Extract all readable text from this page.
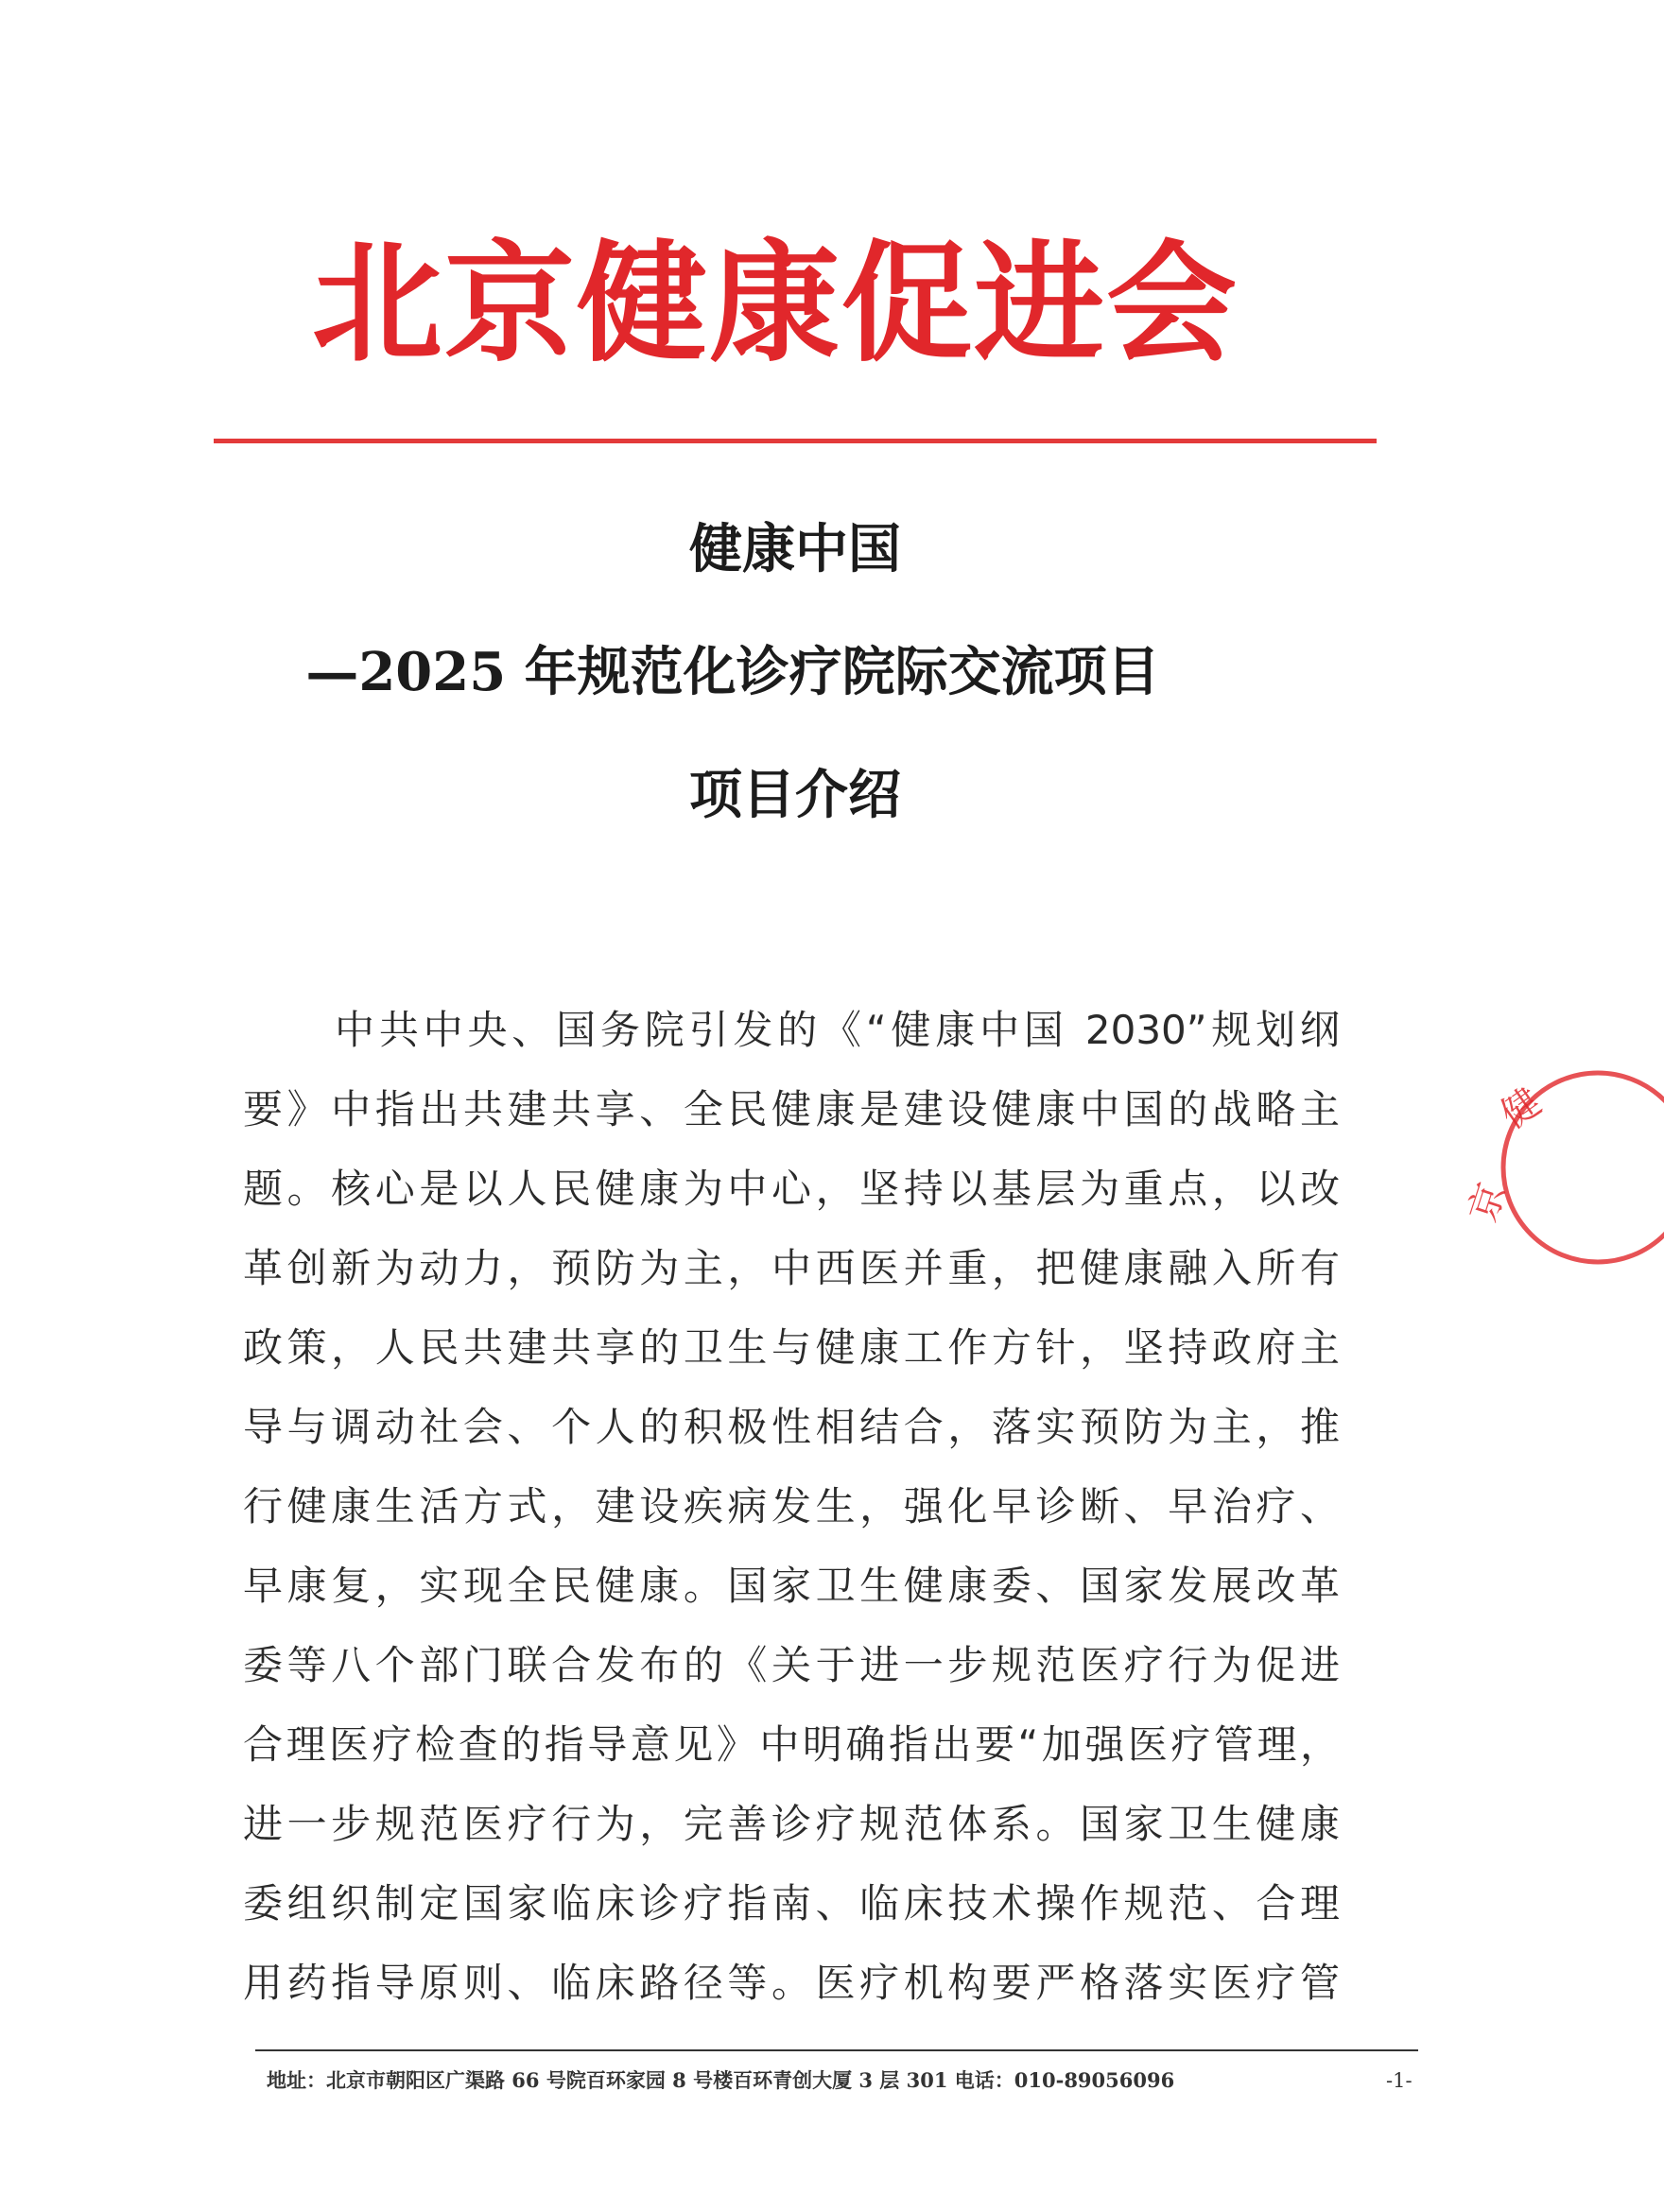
北京健康促进会
健康中国
—2025 年规范化诊疗院际交流项目
项目介绍
中共中央、国务院引发的《“健康中国 2030”规划纲
要》中指出共建共享、全民健康是建设健康中国的战略主
题。核心是以人民健康为中心，坚持以基层为重点，以改
革创新为动力，预防为主，中西医并重，把健康融入所有
政策，人民共建共享的卫生与健康工作方针，坚持政府主
导与调动社会、个人的积极性相结合，落实预防为主，推
行健康生活方式，建设疾病发生，强化早诊断、早治疗、
早康复，实现全民健康。国家卫生健康委、国家发展改革
委等八个部门联合发布的《关于进一步规范医疗行为促进
合理医疗检查的指导意见》中明确指出要“加强医疗管理，
进一步规范医疗行为，完善诊疗规范体系。国家卫生健康
委组织制定国家临床诊疗指南、临床技术操作规范、合理
用药指导原则、临床路径等。医疗机构要严格落实医疗管
京
健
地址：北京市朝阳区广渠路 66 号院百环家园 8 号楼百环青创大厦 3 层 301 电话：010-89056096	-1-
